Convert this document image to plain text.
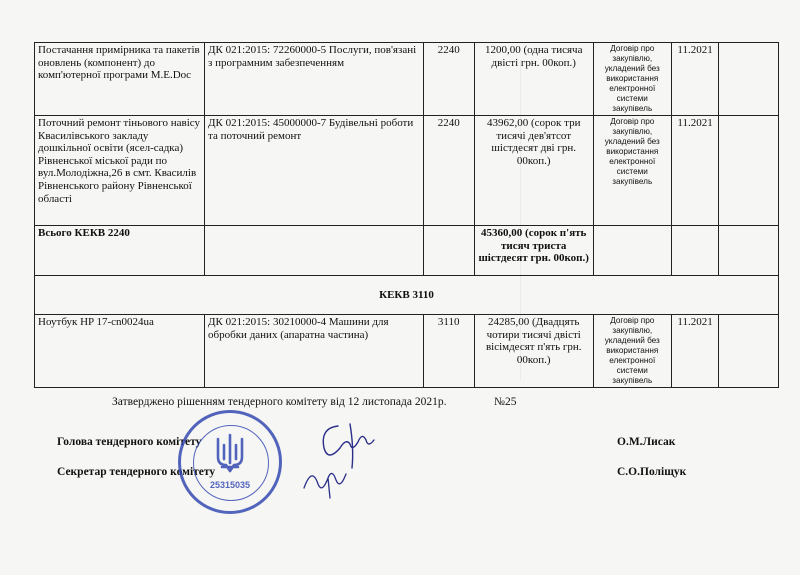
Постачання примірника та пакетів оновлень (компонент) до комп'ютерної програми M.E.Doc	ДК 021:2015: 72260000-5 Послуги, пов'язані з програмним забезпеченням	2240	1200,00 (одна тисяча двісті грн. 00коп.)	Договір про закупівлю, укладений без використання електронної системи закупівель	11.2021	
Поточний ремонт тіньового навісу Квасилівського закладу дошкільної освіти (ясел-садка) Рівненської міської ради по вул.Молодіжна,26 в смт. Квасилів Рівненського району Рівненської області	ДК 021:2015: 45000000-7 Будівельні роботи та поточний ремонт	2240	43962,00 (сорок три тисячі дев'ятсот шістдесят дві грн. 00коп.)	Договір про закупівлю, укладений без використання електронної системи закупівель	11.2021	
Всього КЕКВ 2240			45360,00 (сорок п'ять тисяч триста шістдесят грн. 00коп.)			
КЕКВ 3110						
Ноутбук HP 17-cn0024ua	ДК 021:2015: 30210000-4 Машини для обробки даних (апаратна частина)	3110	24285,00 (Двадцять чотири тисячі двісті вісімдесят п'ять грн. 00коп.)	Договір про закупівлю, укладений без використання електронної системи закупівель	11.2021	
Затверджено рішенням тендерного комітету від 12 листопада 2021р.	№25
Голова тендерного комітету	О.М.Лисак
Секретар тендерного комітету	С.О.Поліщук
25315035
